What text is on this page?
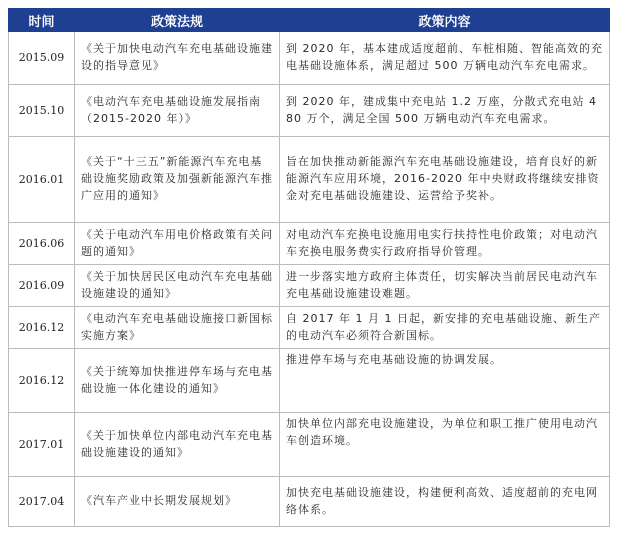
时间	政策法规	政策内容
2015.09	《关于加快电动汽车充电基础设施建设的指导意见》	到 2020 年，基本建成适度超前、车桩相随、智能高效的充电基础设施体系，满足超过 500 万辆电动汽车充电需求。
2015.10	《电动汽车充电基础设施发展指南（2015-2020 年）》	到 2020 年，建成集中充电站 1.2 万座，分散式充电站 480 万个，满足全国 500 万辆电动汽车充电需求。
2016.01	《关于“十三五”新能源汽车充电基础设施奖励政策及加强新能源汽车推广应用的通知》	旨在加快推动新能源汽车充电基础设施建设，培育良好的新能源汽车应用环境，2016-2020 年中央财政将继续安排资金对充电基础设施建设、运营给予奖补。
2016.06	《关于电动汽车用电价格政策有关问题的通知》	对电动汽车充换电设施用电实行扶持性电价政策；对电动汽车充换电服务费实行政府指导价管理。
2016.09	《关于加快居民区电动汽车充电基础设施建设的通知》	进一步落实地方政府主体责任，切实解决当前居民电动汽车充电基础设施建设难题。
2016.12	《电动汽车充电基础设施接口新国标实施方案》	自 2017 年 1 月 1 日起，新安排的充电基础设施、新生产的电动汽车必须符合新国标。
2016.12	《关于统筹加快推进停车场与充电基础设施一体化建设的通知》	推进停车场与充电基础设施的协调发展。
2017.01	《关于加快单位内部电动汽车充电基础设施建设的通知》	加快单位内部充电设施建设，为单位和职工推广使用电动汽车创造环境。
2017.04	《汽车产业中长期发展规划》	加快充电基础设施建设，构建便利高效、适度超前的充电网络体系。
